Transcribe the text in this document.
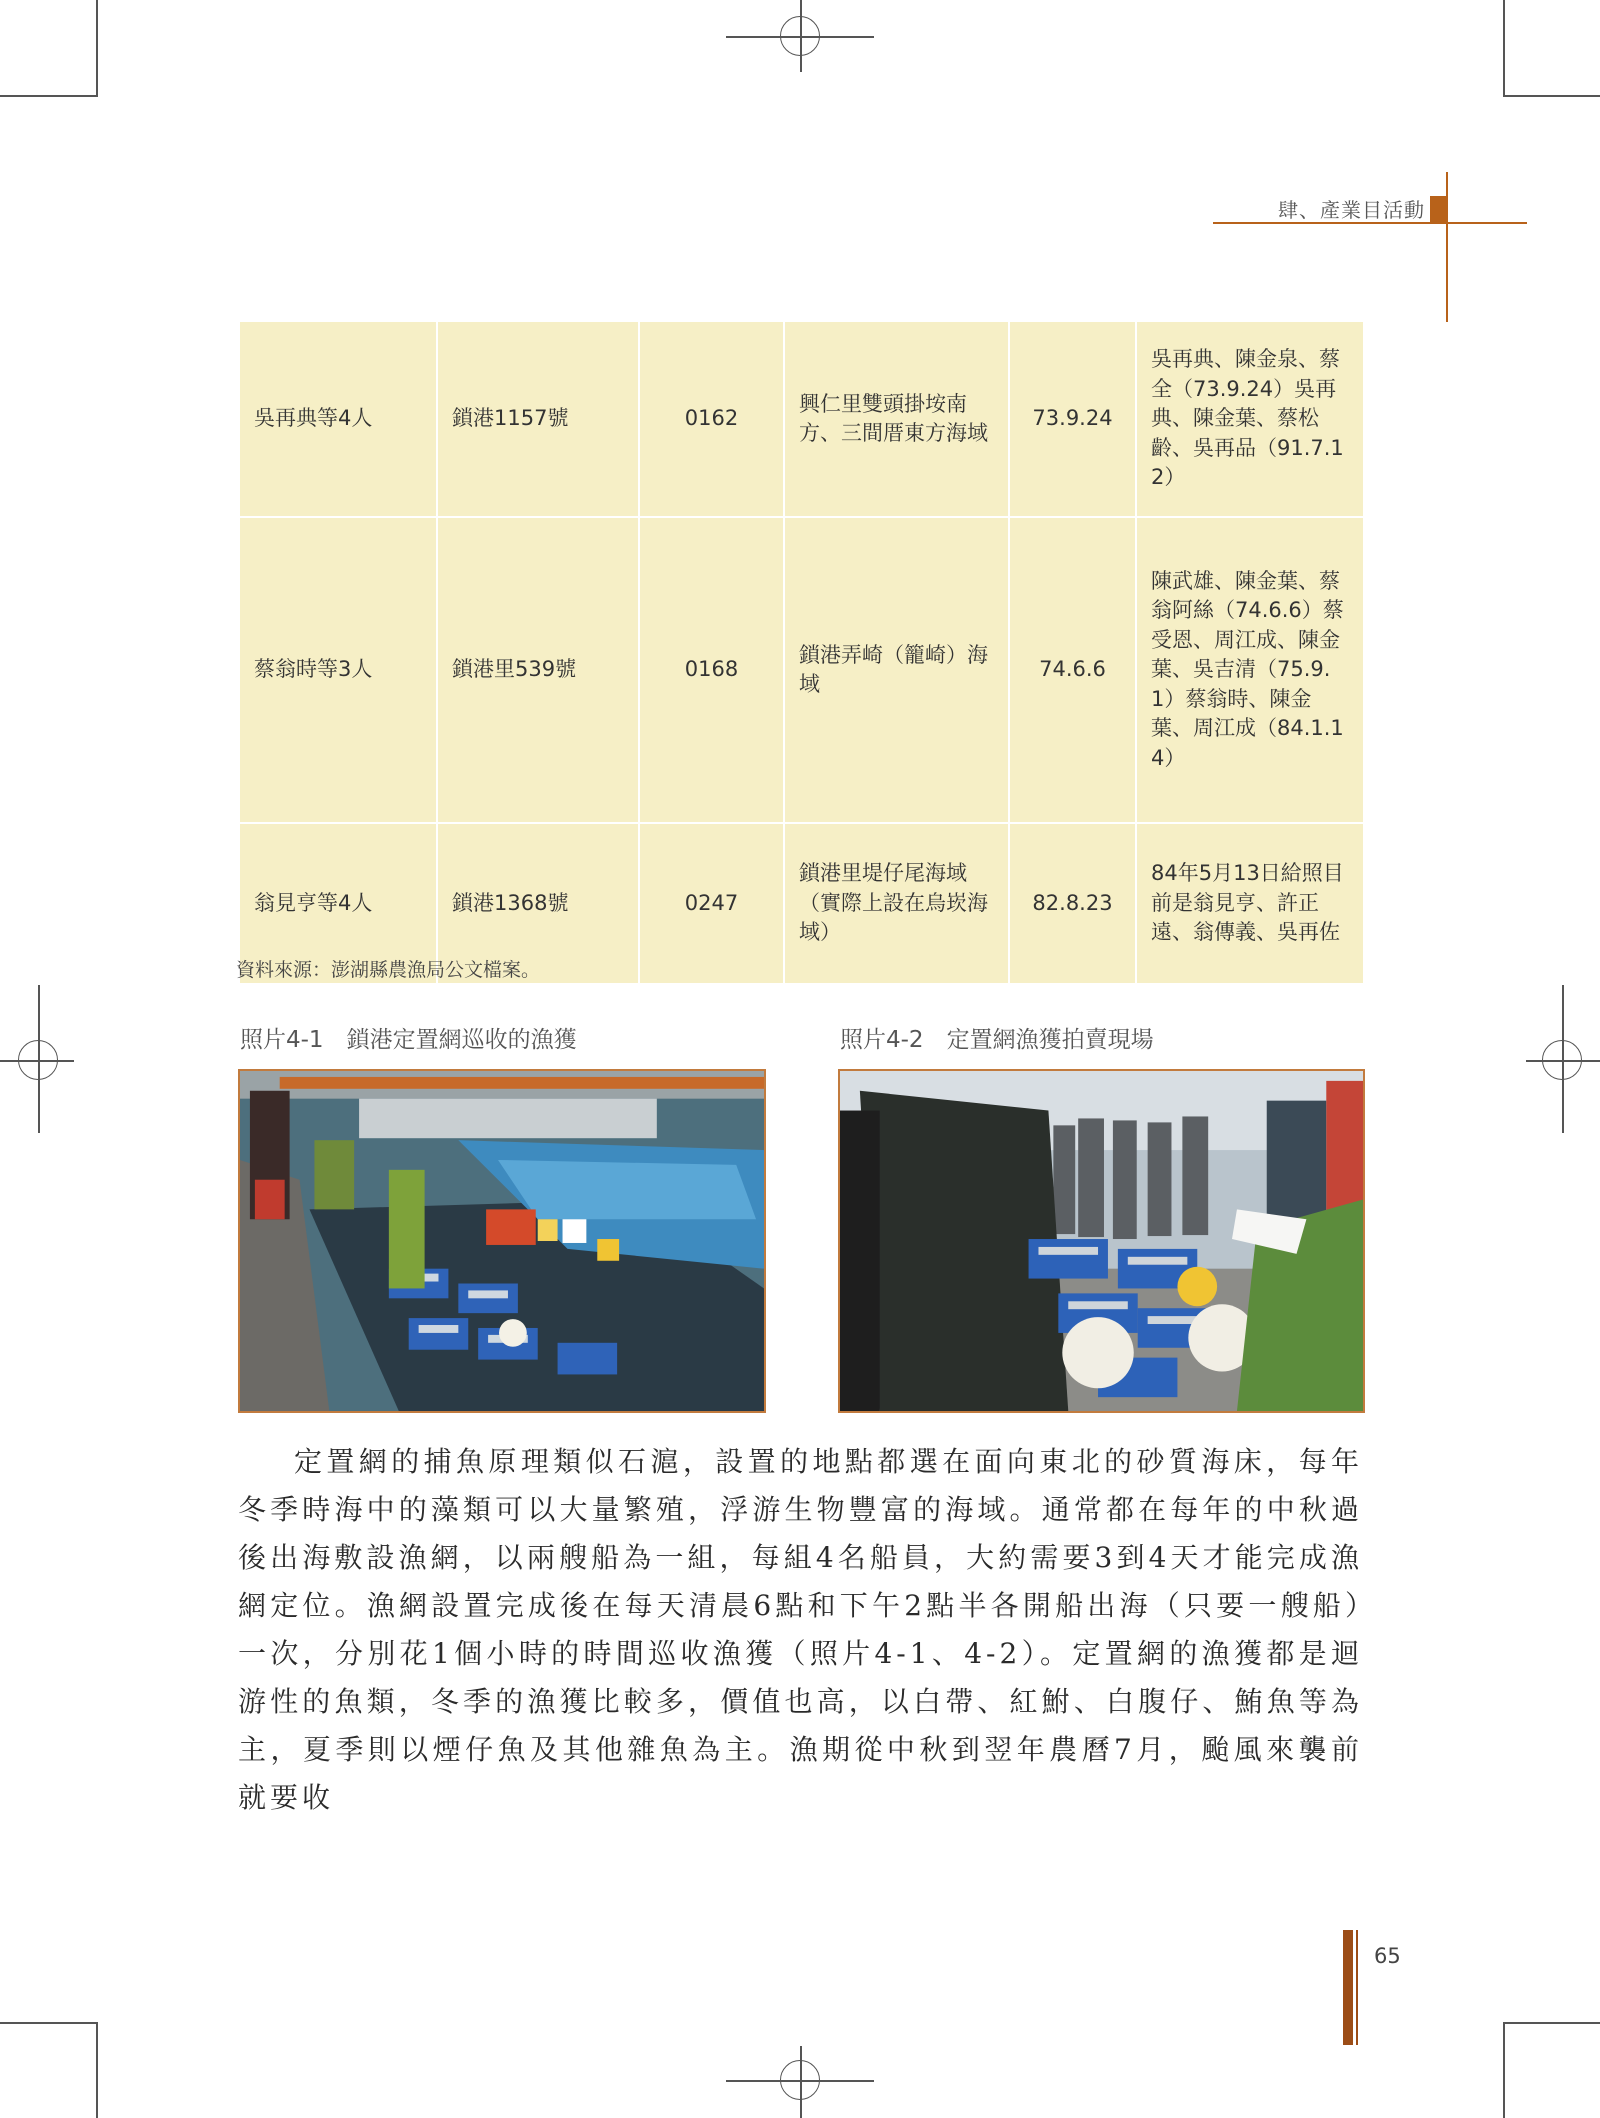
肆、產業目活動
吳再典等4人	鎖港1157號	0162	興仁里雙頭掛垵南方、三間厝東方海域	73.9.24	吳再典、陳金泉、蔡全（73.9.24）吳再典、陳金葉、蔡松齡、吳再品（91.7.12）
蔡翁時等3人	鎖港里539號	0168	鎖港弄崎（籠崎）海域	74.6.6	陳武雄、陳金葉、蔡翁阿絲（74.6.6）蔡受恩、周江成、陳金葉、吳吉清（75.9.1）蔡翁時、陳金葉、周江成（84.1.14）
翁見亨等4人	鎖港1368號	0247	鎖港里堤仔尾海域（實際上設在烏崁海域）	82.8.23	84年5月13日給照目前是翁見亨、許正遠、翁傳義、吳再佐
資料來源：澎湖縣農漁局公文檔案。
照片4-1　鎖港定置網巡收的漁獲	照片4-2　定置網漁獲拍賣現場

定置網的捕魚原理類似石滬，設置的地點都選在面向東北的砂質海床，每年冬季時海中的藻類可以大量繁殖，浮游生物豐富的海域。通常都在每年的中秋過後出海敷設漁網，以兩艘船為一組，每組4名船員，大約需要3到4天才能完成漁網定位。漁網設置完成後在每天清晨6點和下午2點半各開船出海（只要一艘船）一次，分別花1個小時的時間巡收漁獲（照片4-1、4-2）。定置網的漁獲都是迴游性的魚類，冬季的漁獲比較多，價值也高，以白帶、紅鮒、白腹仔、鮪魚等為主，夏季則以煙仔魚及其他雜魚為主。漁期從中秋到翌年農曆7月，颱風來襲前就要收

65
